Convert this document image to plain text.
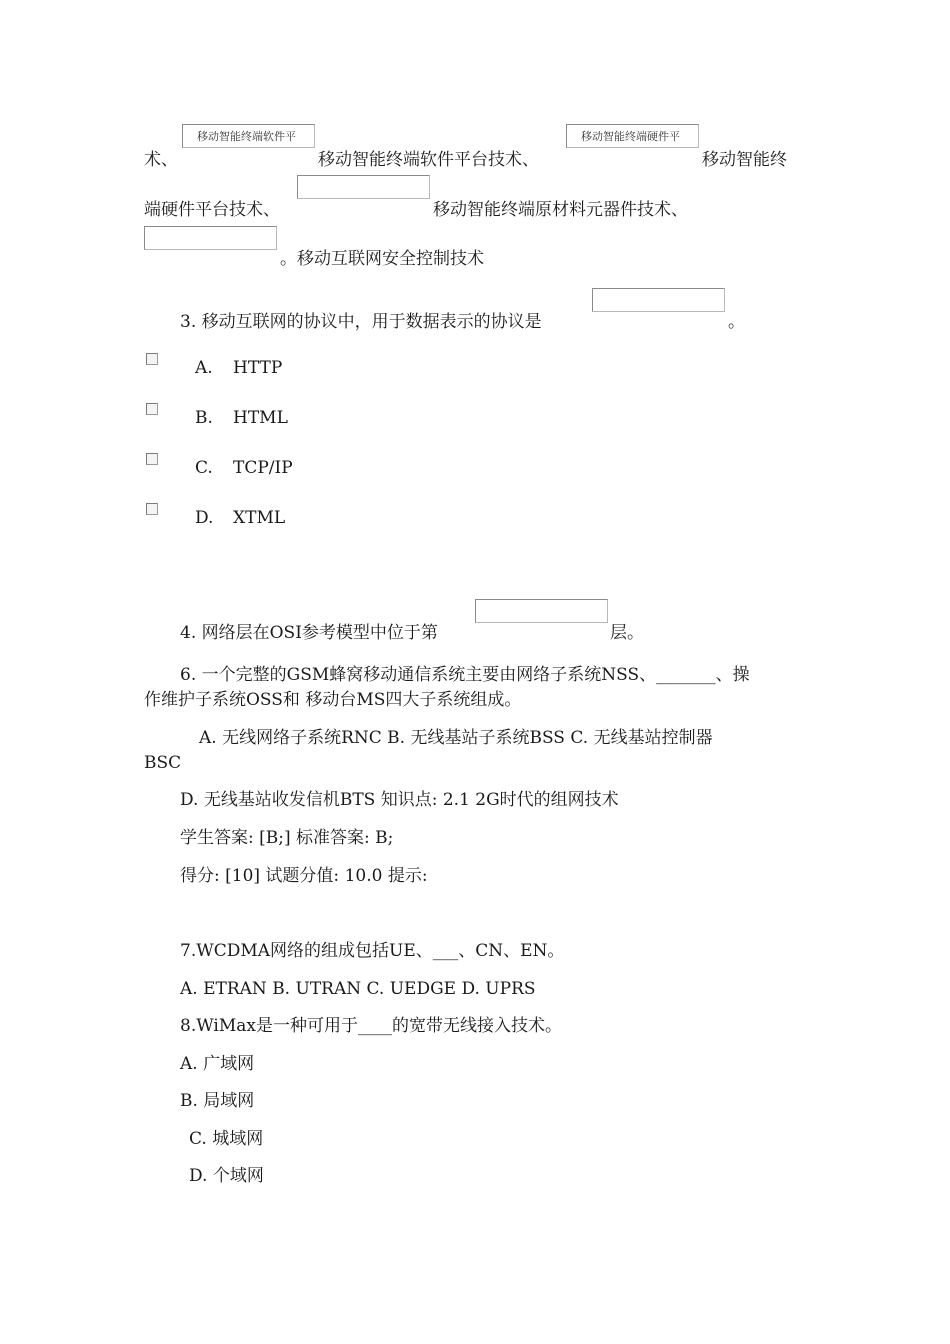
移动智能终端软件平	移动智能终端硬件平
术、	移动智能终端软件平台技术、	移动智能终
端硬件平台技术、	移动智能终端原材料元器件技术、
。移动互联网安全控制技术
3. 移动互联网的协议中，用于数据表示的协议是	。
A. HTTP
B. HTML
C. TCP/IP
D. XTML
4. 网络层在OSI参考模型中位于第	层。
6. 一个完整的GSM蜂窝移动通信系统主要由网络子系统NSS、_______、操
作维护子系统OSS和 移动台MS四大子系统组成。
A. 无线网络子系统RNC B. 无线基站子系统BSS C. 无线基站控制器
BSC
D. 无线基站收发信机BTS 知识点: 2.1 2G时代的组网技术
学生答案: [B;] 标准答案: B;
得分: [10] 试题分值: 10.0 提示:
7.WCDMA网络的组成包括UE、___、CN、EN。
A. ETRAN B. UTRAN C. UEDGE D. UPRS
8.WiMax是一种可用于____的宽带无线接入技术。
A. 广域网
B. 局域网
C. 城域网
D. 个域网
